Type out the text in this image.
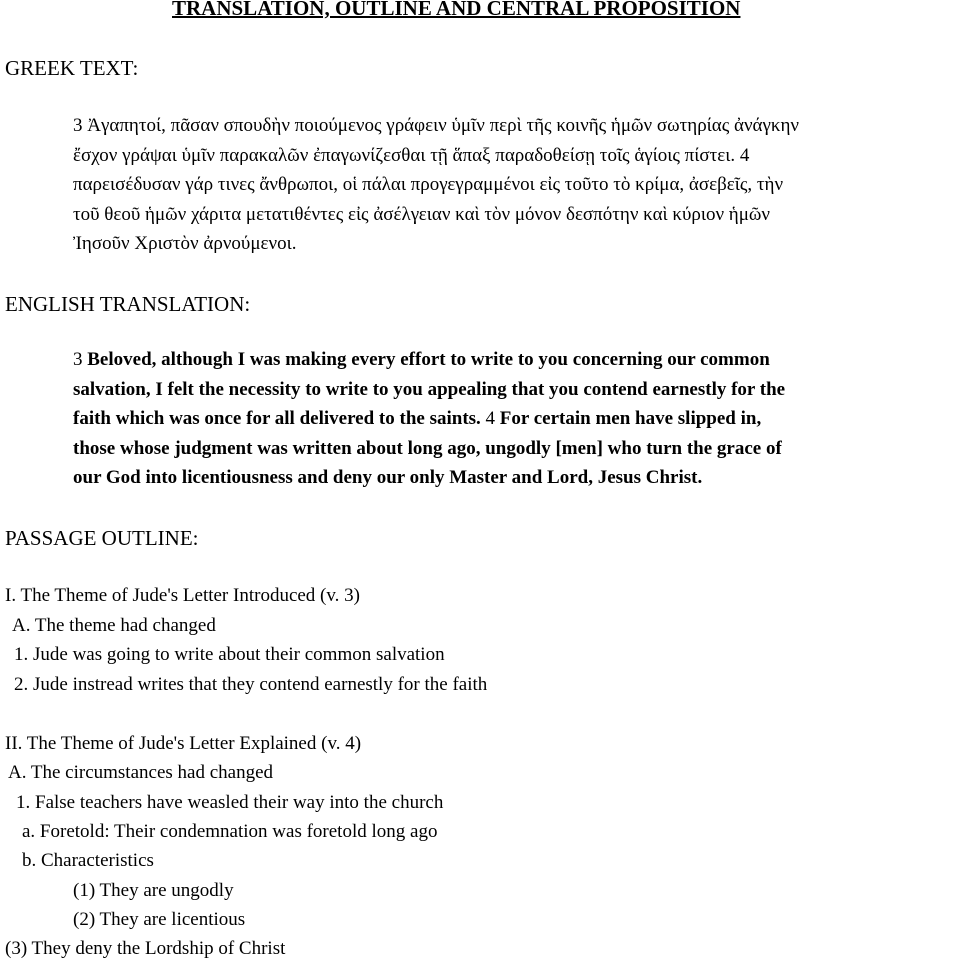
TRANSLATION, OUTLINE AND CENTRAL PROPOSITION
GREEK TEXT:

3 Ἀγαπητοί, πᾶσαν σπουδὴν ποιούμενος γράφειν ὑμῖν περὶ τῆς κοινῆς ἡμῶν σωτηρίας ἀνάγκην

ἔσχον γράψαι ὑμῖν παρακαλῶν ἐπαγωνίζεσθαι τῇ ἅπαξ παραδοθείσῃ τοῖς ἁγίοις πίστει. 4

παρεισέδυσαν γάρ τινες ἄνθρωποι, οἱ πάλαι προγεγραμμένοι εἰς τοῦτο τὸ κρίμα, ἀσεβεῖς, τὴν

τοῦ θεοῦ ἡμῶν χάριτα μετατιθέντες εἰς ἀσέλγειαν καὶ τὸν μόνον δεσπότην καὶ κύριον ἡμῶν

Ἰησοῦν Χριστὸν ἀρνούμενοι.

ENGLISH TRANSLATION:

3 Beloved, although I was making every effort to write to you concerning our common

salvation, I felt the necessity to write to you appealing that you contend earnestly for the

faith which was once for all delivered to the saints. 4 For certain men have slipped in,

those whose judgment was written about long ago, ungodly [men] who turn the grace of

our God into licentiousness and deny our only Master and Lord, Jesus Christ.

PASSAGE OUTLINE:

I. The Theme of Jude's Letter Introduced (v. 3)

A. The theme had changed

1. Jude was going to write about their common salvation

2. Jude instread writes that they contend earnestly for the faith

II. The Theme of Jude's Letter Explained (v. 4)

A. The circumstances had changed

1. False teachers have weasled their way into the church

a. Foretold: Their condemnation was foretold long ago

b. Characteristics

(1) They are ungodly

(2) They are licentious

(3) They deny the Lordship of Christ
